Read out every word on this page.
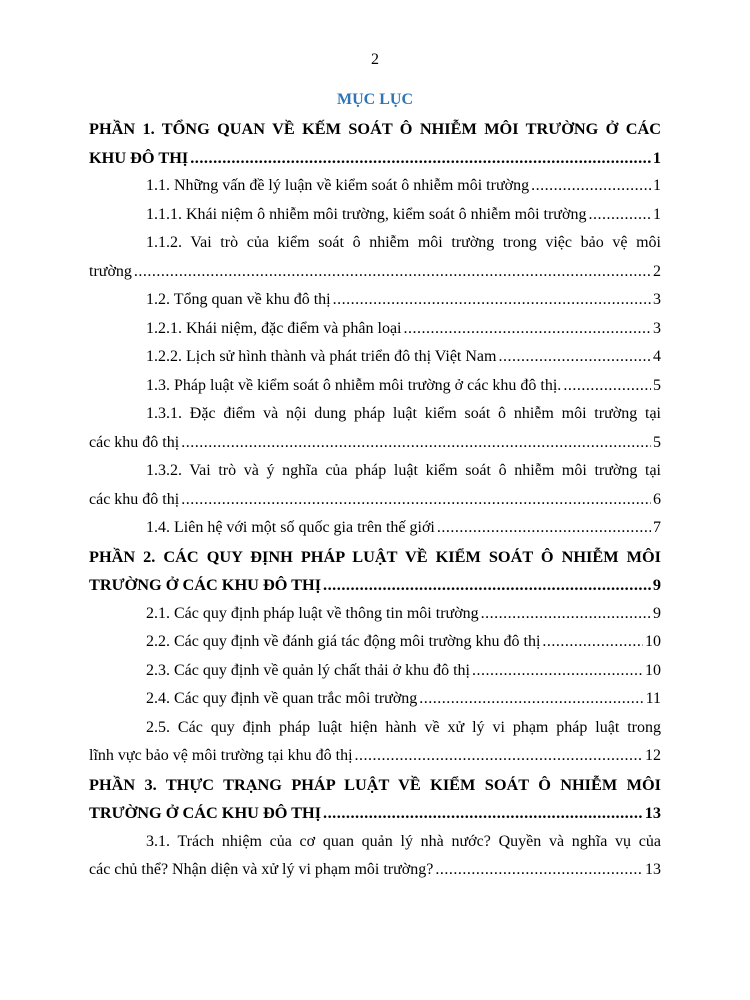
2
MỤC LỤC
PHẦN 1. TỔNG QUAN VỀ KẾM SOÁT Ô NHIỄM MÔI TRƯỜNG Ở CÁC
KHU ĐÔ THỊ .....	1
1.1. Những vấn đề lý luận về kiểm soát ô nhiễm môi trường .....	1
1.1.1. Khái niệm ô nhiễm môi trường, kiểm soát ô nhiễm môi trường .....	1
1.1.2. Vai trò của kiểm soát ô nhiễm môi trường trong việc bảo vệ môi
trường .....	2
1.2. Tổng quan về khu đô thị .....	3
1.2.1. Khái niệm, đặc điểm và phân loại .....	3
1.2.2. Lịch sử hình thành và phát triển đô thị Việt Nam .....	4
1.3. Pháp luật về kiểm soát ô nhiễm môi trường ở các khu đô thị. .....	5
1.3.1. Đặc điểm và nội dung pháp luật kiểm soát ô nhiễm môi trường tại
các khu đô thị .....	5
1.3.2. Vai trò và ý nghĩa của pháp luật kiểm soát ô nhiễm môi trường tại
các khu đô thị .....	6
1.4. Liên hệ với một số quốc gia trên thế giới .....	7
PHẦN 2. CÁC QUY ĐỊNH PHÁP LUẬT VỀ KIỂM SOÁT Ô NHIỄM MÔI
TRƯỜNG Ở CÁC KHU ĐÔ THỊ .....	9
2.1. Các quy định pháp luật về thông tin môi trường .....	9
2.2. Các quy định về đánh giá tác động môi trường khu đô thị .....	10
2.3. Các quy định về quản lý chất thải ở khu đô thị .....	10
2.4. Các quy định về quan trắc môi trường .....	11
2.5. Các quy định pháp luật hiện hành về xử lý vi phạm pháp luật trong
lĩnh vực bảo vệ môi trường tại khu đô thị .....	12
PHẦN 3. THỰC TRẠNG PHÁP LUẬT VỀ KIỂM SOÁT Ô NHIỄM MÔI
TRƯỜNG Ở CÁC KHU ĐÔ THỊ .....	13
3.1. Trách nhiệm của cơ quan quản lý nhà nước? Quyền và nghĩa vụ của
các chủ thể? Nhận diện và xử lý vi phạm môi trường? .....	13
